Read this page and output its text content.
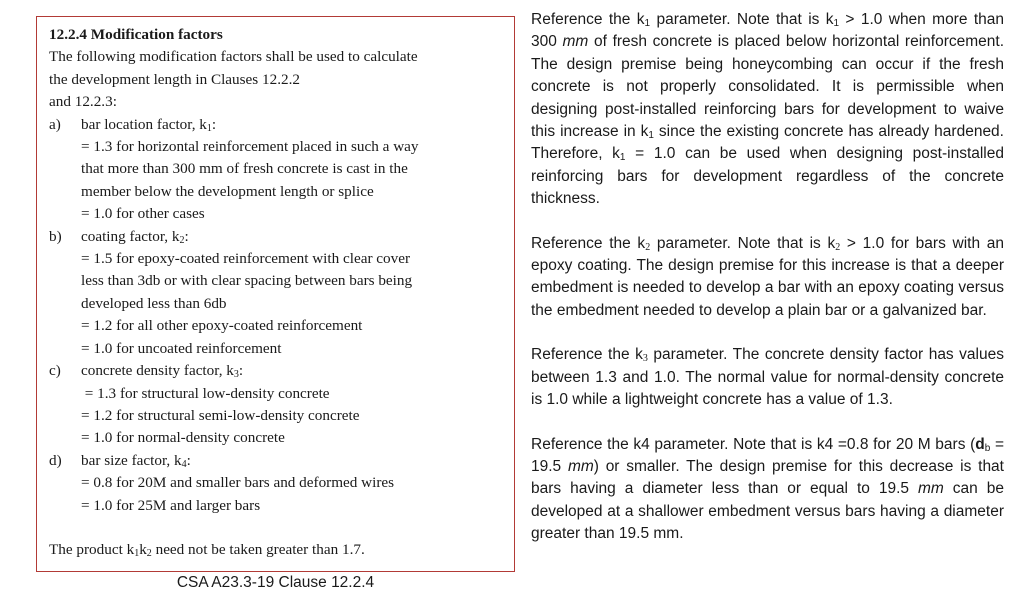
12.2.4 Modification factors
The following modification factors shall be used to calculate
the development length in Clauses 12.2.2
and 12.2.3:
a)	bar location factor, $k_1$:
= 1.3 for horizontal reinforcement placed in such a way
that more than 300 mm of fresh concrete is cast in the
member below the development length or splice
= 1.0 for other cases
b)	coating factor, $k_2$:
= 1.5 for epoxy-coated reinforcement with clear cover
less than 3db or with clear spacing between bars being
developed less than 6db
= 1.2 for all other epoxy-coated reinforcement
= 1.0 for uncoated reinforcement
c)	concrete density factor, $k_3$:
= 1.3 for structural low-density concrete
= 1.2 for structural semi-low-density concrete
= 1.0 for normal-density concrete
d)	bar size factor, $k_4$:
= 0.8 for 20M and smaller bars and deformed wires
= 1.0 for 25M and larger bars
The product $k_1k_2$ need not be taken greater than 1.7.
CSA A23.3-19 Clause 12.2.4

Reference the $k_1$ parameter. Note that is $k_1 > 1.0$ when more than 300 mm of fresh concrete is placed below horizontal reinforcement. The design premise being honeycombing can occur if the fresh concrete is not properly consolidated. It is permissible when designing post-installed reinforcing bars for development to waive this increase in $k_1$ since the existing concrete has already hardened. Therefore, $k_1 = 1.0$ can be used when designing post-installed reinforcing bars for development regardless of the concrete thickness.

Reference the $k_2$ parameter. Note that is $k_2 > 1.0$ for bars with an epoxy coating. The design premise for this increase is that a deeper embedment is needed to develop a bar with an epoxy coating versus the embedment needed to develop a plain bar or a galvanized bar.

Reference the $k_3$ parameter. The concrete density factor has values between 1.3 and 1.0. The normal value for normal-density concrete is 1.0 while a lightweight concrete has a value of 1.3.

Reference the k4 parameter. Note that is k4 =0.8 for 20 M bars ($d_b = 19.5$ mm) or smaller. The design premise for this decrease is that bars having a diameter less than or equal to 19.5 mm can be developed at a shallower embedment versus bars having a diameter greater than 19.5 mm.
